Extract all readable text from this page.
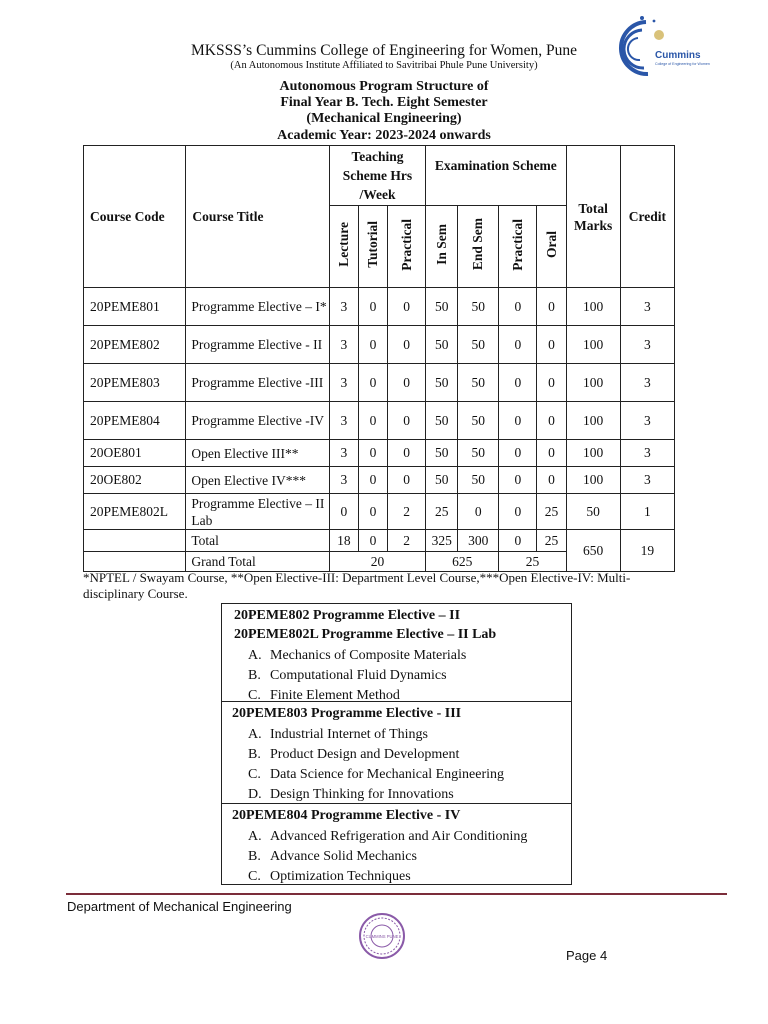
MKSSS’s Cummins College of Engineering for Women, Pune
(An Autonomous Institute Affiliated to Savitribai Phule Pune University)
Cummins
College of Engineering for Women
Autonomous Program Structure of
Final Year B. Tech. Eight Semester
(Mechanical Engineering)
Academic Year: 2023-2024 onwards
Course Code	Course Title	Teaching Scheme Hrs /Week			Examination Scheme				Total Marks	Credit
		Lecture	Tutorial	Practical	In Sem	End Sem	Practical	Oral		
20PEME801	Programme Elective – I*	3	0	0	50	50	0	0	100	3
20PEME802	Programme Elective - II	3	0	0	50	50	0	0	100	3
20PEME803	Programme Elective -III	3	0	0	50	50	0	0	100	3
20PEME804	Programme Elective -IV	3	0	0	50	50	0	0	100	3
20OE801	Open Elective III**	3	0	0	50	50	0	0	100	3
20OE802	Open Elective IV***	3	0	0	50	50	0	0	100	3
20PEME802L	Programme Elective – II Lab	0	0	2	25	0	0	25	50	1
	Total	18	0	2	325	300	0	25	650	19
	Grand Total	20			625		25			
*NPTEL / Swayam Course, **Open Elective-III: Department Level Course,***Open Elective-IV: Multi-disciplinary Course.
20PEME802 Programme Elective – II
20PEME802L Programme Elective – II Lab
A. Mechanics of Composite Materials
B. Computational Fluid Dynamics
C. Finite Element Method
20PEME803 Programme Elective - III
A. Industrial Internet of Things
B. Product Design and Development
C. Data Science for Mechanical Engineering
D. Design Thinking for Innovations
20PEME804 Programme Elective - IV
A. Advanced Refrigeration and Air Conditioning
B. Advance Solid Mechanics
C. Optimization Techniques
Department of Mechanical Engineering
CUMMINS PUNE
Page 4
